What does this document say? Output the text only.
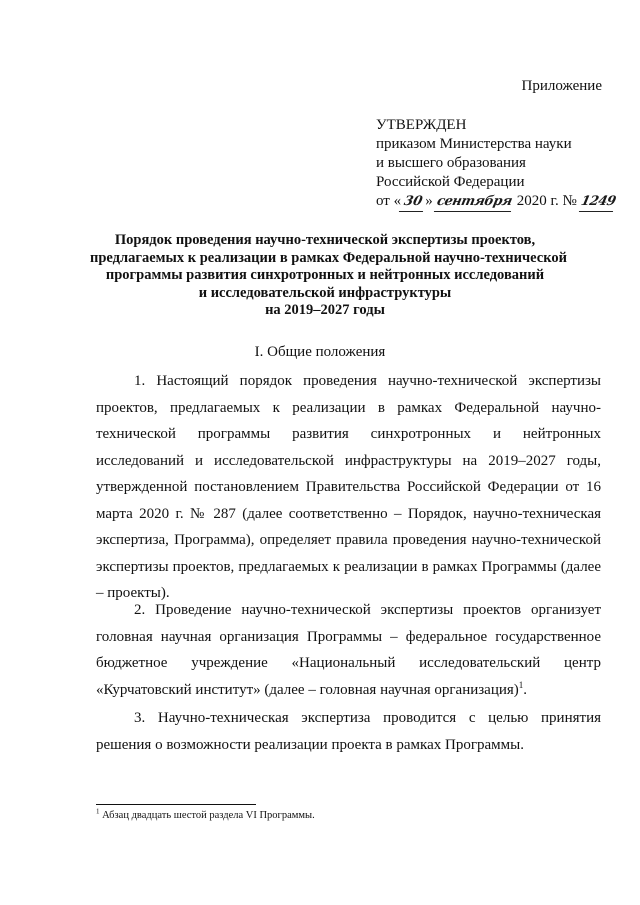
Приложение
УТВЕРЖДЕН
приказом Министерства науки
и высшего образования
Российской Федерации
от « 30» сентября 2020 г. № 1249
Порядок проведения научно-технической экспертизы проектов,
предлагаемых к реализации в рамках Федеральной научно-технической
программы развития синхротронных и нейтронных исследований
и исследовательской инфраструктуры
на 2019–2027 годы
I. Общие положения

1. Настоящий порядок проведения научно-технической экспертизы проектов, предлагаемых к реализации в рамках Федеральной научно-технической программы развития синхротронных и нейтронных исследований и исследовательской инфраструктуры на 2019–2027 годы, утвержденной постановлением Правительства Российской Федерации от 16 марта 2020 г. № 287 (далее соответственно – Порядок, научно-техническая экспертиза, Программа), определяет правила проведения научно-технической экспертизы проектов, предлагаемых к реализации в рамках Программы (далее – проекты).

2. Проведение научно-технической экспертизы проектов организует головная научная организация Программы – федеральное государственное бюджетное учреждение «Национальный исследовательский центр «Курчатовский институт» (далее – головная научная организация)$^1$.

3. Научно-техническая экспертиза проводится с целью принятия решения о возможности реализации проекта в рамках Программы.

$^1$ Абзац двадцать шестой раздела VI Программы.
